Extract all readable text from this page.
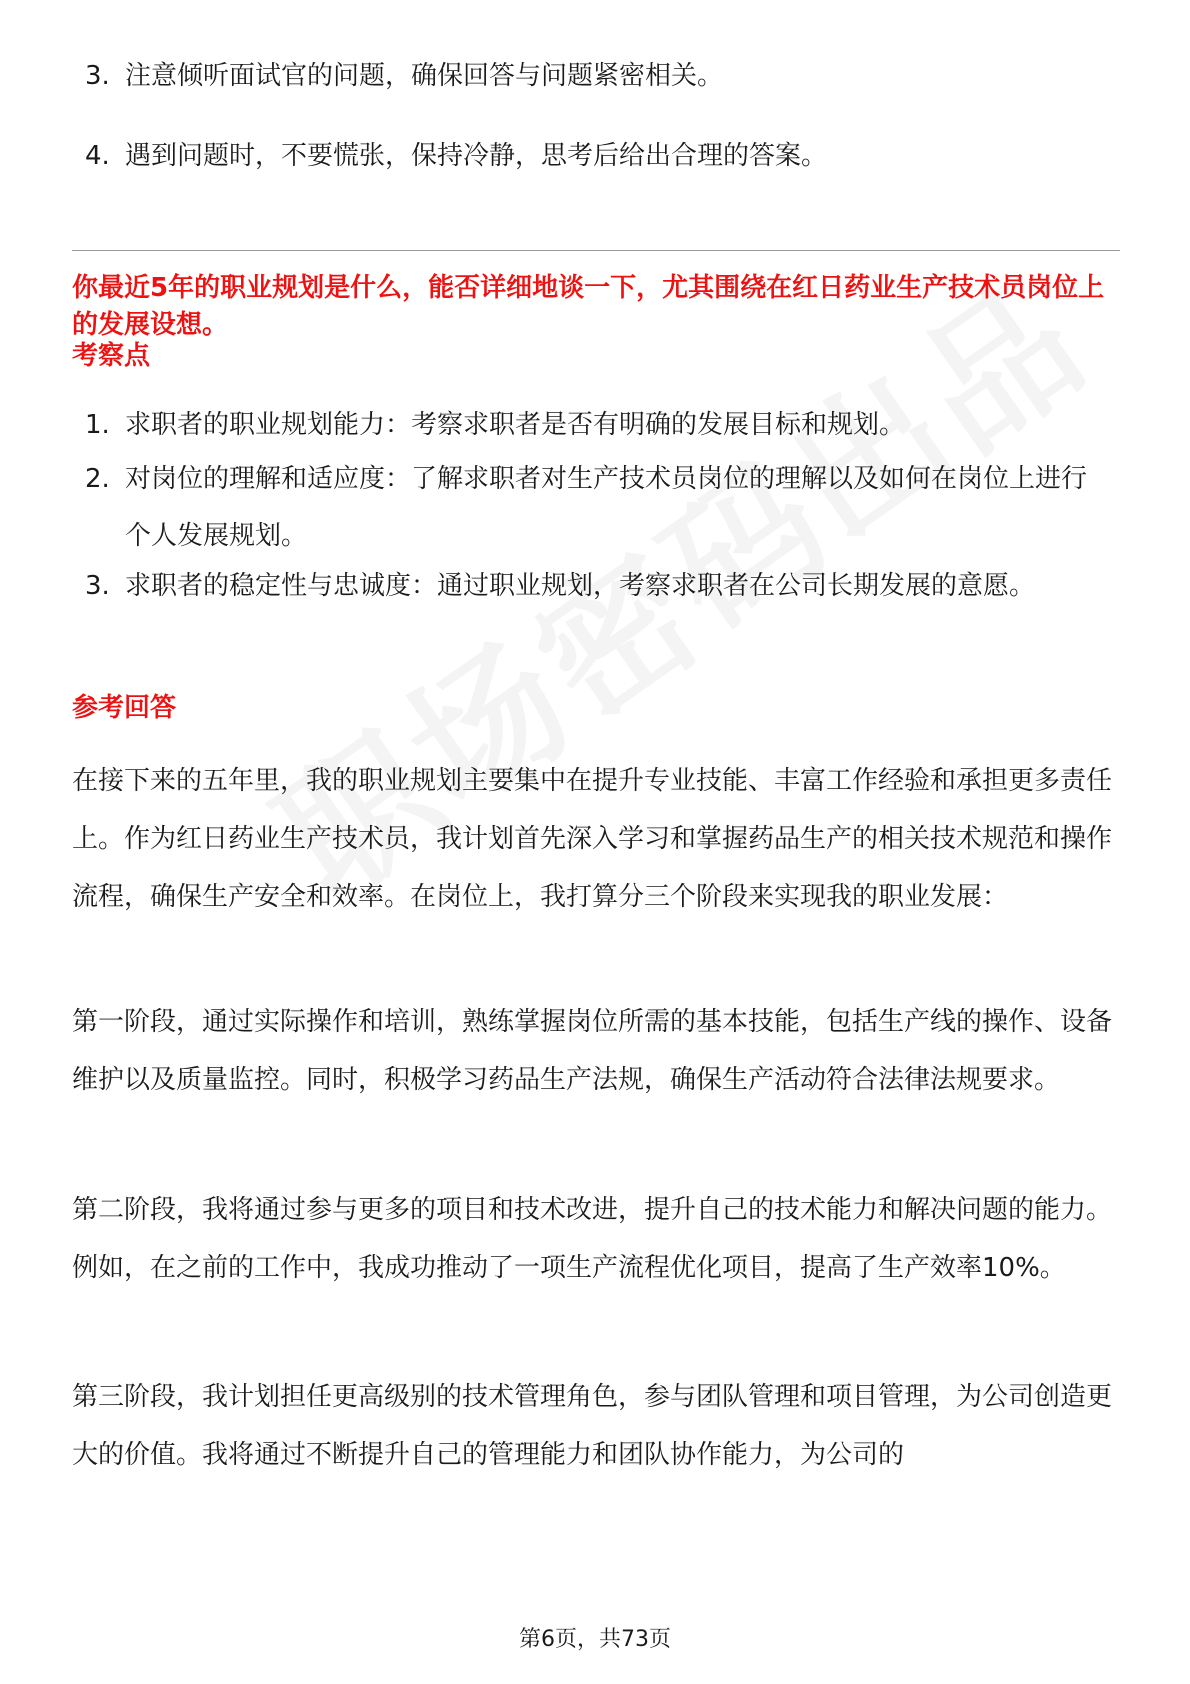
3. 注意倾听面试官的问题，确保回答与问题紧密相关。
4. 遇到问题时，不要慌张，保持冷静，思考后给出合理的答案。
你最近5年的职业规划是什么，能否详细地谈一下，尤其围绕在红日药业生产技术员岗位上的发展设想。
考察点
1. 求职者的职业规划能力：考察求职者是否有明确的发展目标和规划。
2. 对岗位的理解和适应度：了解求职者对生产技术员岗位的理解以及如何在岗位上进行个人发展规划。
3. 求职者的稳定性与忠诚度：通过职业规划，考察求职者在公司长期发展的意愿。
参考回答
在接下来的五年里，我的职业规划主要集中在提升专业技能、丰富工作经验和承担更多责任上。作为红日药业生产技术员，我计划首先深入学习和掌握药品生产的相关技术规范和操作流程，确保生产安全和效率。在岗位上，我打算分三个阶段来实现我的职业发展：
第一阶段，通过实际操作和培训，熟练掌握岗位所需的基本技能，包括生产线的操作、设备维护以及质量监控。同时，积极学习药品生产法规，确保生产活动符合法律法规要求。
第二阶段，我将通过参与更多的项目和技术改进，提升自己的技术能力和解决问题的能力。例如，在之前的工作中，我成功推动了一项生产流程优化项目，提高了生产效率10%。
第三阶段，我计划担任更高级别的技术管理角色，参与团队管理和项目管理，为公司创造更大的价值。我将通过不断提升自己的管理能力和团队协作能力，为公司的
第6页，共73页
